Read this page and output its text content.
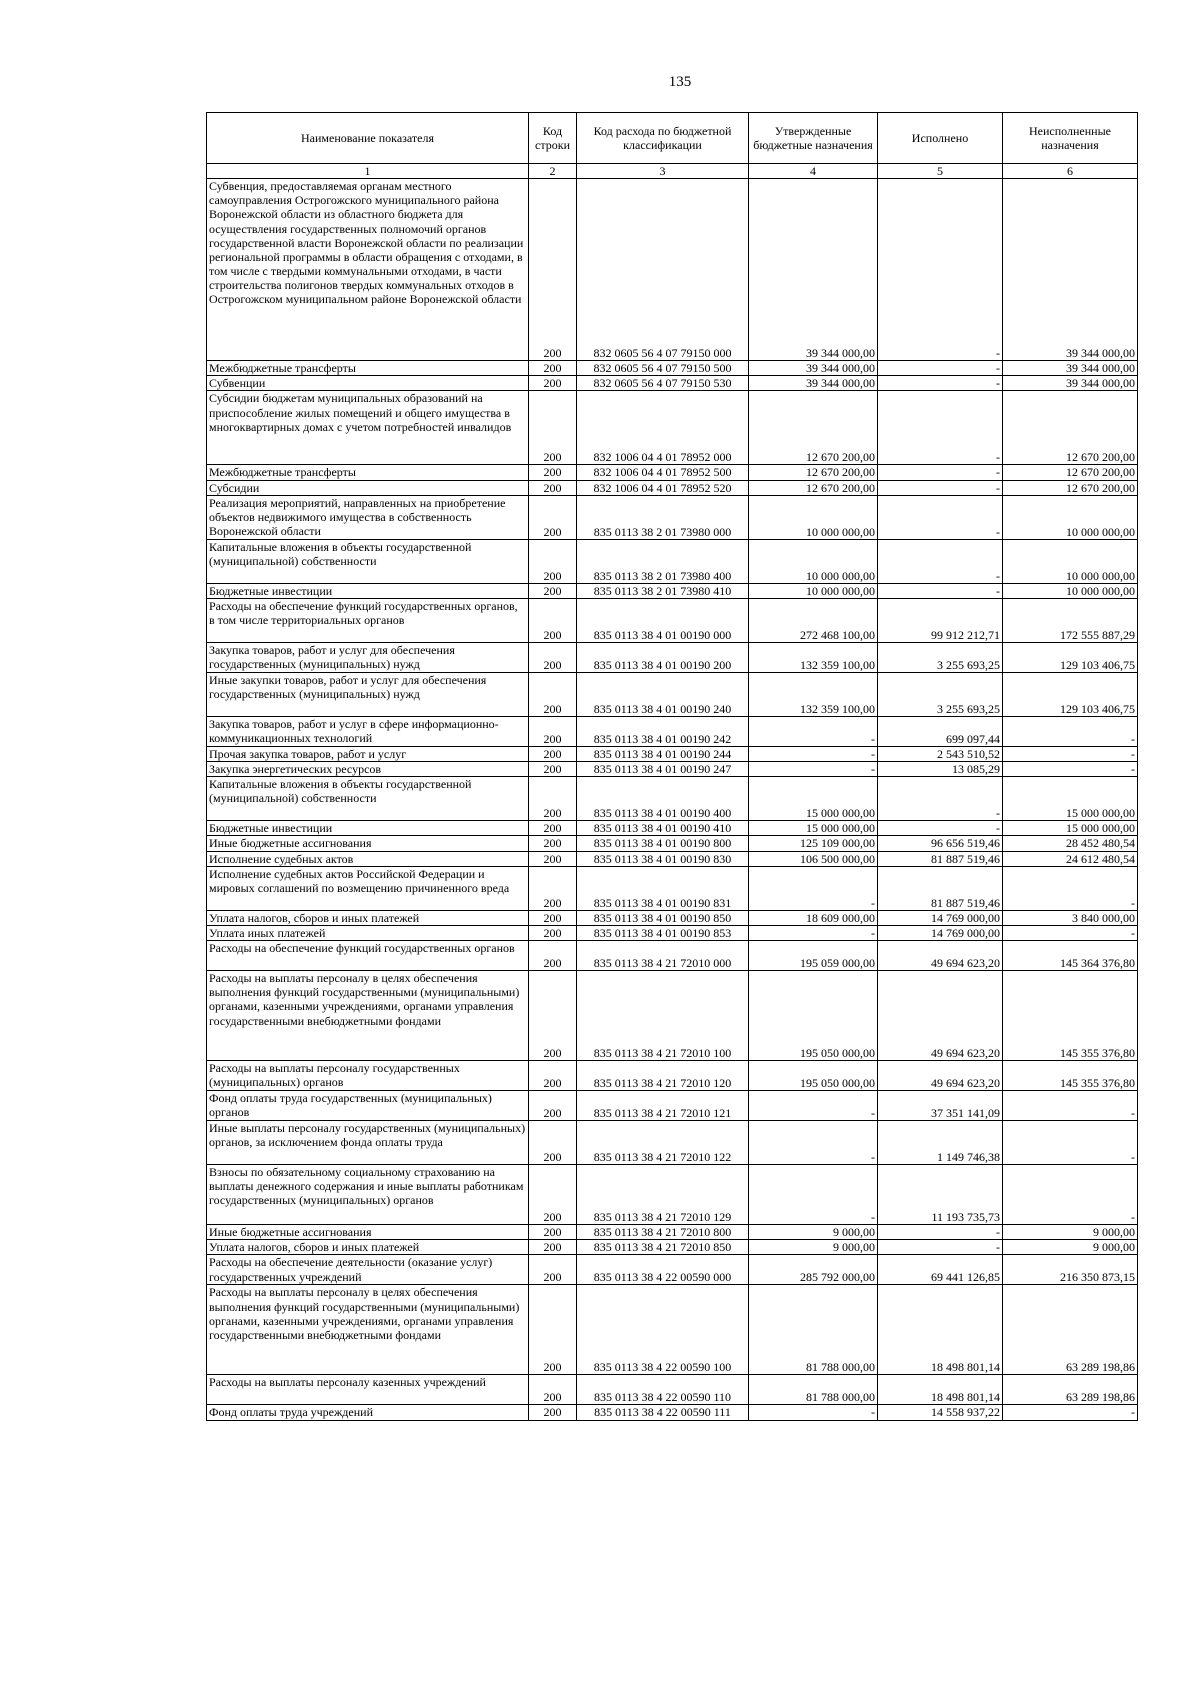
135
Наименование показателя	Код строки	Код расхода по бюджетной классификации	Утвержденные бюджетные назначения	Исполнено	Неисполненные назначения
1	2	3	4	5	6
Субвенция, предоставляемая органам местного самоуправления Острогожского муниципального района Воронежской области из областного бюджета для осуществления государственных полномочий органов государственной власти Воронежской области по реализации региональной программы в области обращения с отходами, в том числе с твердыми коммунальными отходами, в части строительства полигонов твердых коммунальных отходов в Острогожском муниципальном районе Воронежской области	200	832 0605 56 4 07 79150 000	39 344 000,00	-	39 344 000,00
Межбюджетные трансферты	200	832 0605 56 4 07 79150 500	39 344 000,00	-	39 344 000,00
Субвенции	200	832 0605 56 4 07 79150 530	39 344 000,00	-	39 344 000,00
Субсидии бюджетам муниципальных образований на приспособление жилых помещений и общего имущества в многоквартирных домах с учетом потребностей инвалидов	200	832 1006 04 4 01 78952 000	12 670 200,00	-	12 670 200,00
Межбюджетные трансферты	200	832 1006 04 4 01 78952 500	12 670 200,00	-	12 670 200,00
Субсидии	200	832 1006 04 4 01 78952 520	12 670 200,00	-	12 670 200,00
Реализация мероприятий, направленных на приобретение объектов недвижимого имущества в собственность Воронежской области	200	835 0113 38 2 01 73980 000	10 000 000,00	-	10 000 000,00
Капитальные вложения в объекты государственной (муниципальной) собственности	200	835 0113 38 2 01 73980 400	10 000 000,00	-	10 000 000,00
Бюджетные инвестиции	200	835 0113 38 2 01 73980 410	10 000 000,00	-	10 000 000,00
Расходы на обеспечение функций государственных органов, в том числе территориальных органов	200	835 0113 38 4 01 00190 000	272 468 100,00	99 912 212,71	172 555 887,29
Закупка товаров, работ и услуг для обеспечения государственных (муниципальных) нужд	200	835 0113 38 4 01 00190 200	132 359 100,00	3 255 693,25	129 103 406,75
Иные закупки товаров, работ и услуг для обеспечения государственных (муниципальных) нужд	200	835 0113 38 4 01 00190 240	132 359 100,00	3 255 693,25	129 103 406,75
Закупка товаров, работ и услуг в сфере информационно-коммуникационных технологий	200	835 0113 38 4 01 00190 242	-	699 097,44	-
Прочая закупка товаров, работ и услуг	200	835 0113 38 4 01 00190 244	-	2 543 510,52	-
Закупка энергетических ресурсов	200	835 0113 38 4 01 00190 247	-	13 085,29	-
Капитальные вложения в объекты государственной (муниципальной) собственности	200	835 0113 38 4 01 00190 400	15 000 000,00	-	15 000 000,00
Бюджетные инвестиции	200	835 0113 38 4 01 00190 410	15 000 000,00	-	15 000 000,00
Иные бюджетные ассигнования	200	835 0113 38 4 01 00190 800	125 109 000,00	96 656 519,46	28 452 480,54
Исполнение судебных актов	200	835 0113 38 4 01 00190 830	106 500 000,00	81 887 519,46	24 612 480,54
Исполнение судебных актов Российской Федерации и мировых соглашений по возмещению причиненного вреда	200	835 0113 38 4 01 00190 831	-	81 887 519,46	-
Уплата налогов, сборов и иных платежей	200	835 0113 38 4 01 00190 850	18 609 000,00	14 769 000,00	3 840 000,00
Уплата иных платежей	200	835 0113 38 4 01 00190 853	-	14 769 000,00	-
Расходы на обеспечение функций государственных органов	200	835 0113 38 4 21 72010 000	195 059 000,00	49 694 623,20	145 364 376,80
Расходы на выплаты персоналу в целях обеспечения выполнения функций государственными (муниципальными) органами, казенными учреждениями, органами управления государственными внебюджетными фондами	200	835 0113 38 4 21 72010 100	195 050 000,00	49 694 623,20	145 355 376,80
Расходы на выплаты персоналу государственных (муниципальных) органов	200	835 0113 38 4 21 72010 120	195 050 000,00	49 694 623,20	145 355 376,80
Фонд оплаты труда государственных (муниципальных) органов	200	835 0113 38 4 21 72010 121	-	37 351 141,09	-
Иные выплаты персоналу государственных (муниципальных) органов, за исключением фонда оплаты труда	200	835 0113 38 4 21 72010 122	-	1 149 746,38	-
Взносы по обязательному социальному страхованию на выплаты денежного содержания и иные выплаты работникам государственных (муниципальных) органов	200	835 0113 38 4 21 72010 129	-	11 193 735,73	-
Иные бюджетные ассигнования	200	835 0113 38 4 21 72010 800	9 000,00	-	9 000,00
Уплата налогов, сборов и иных платежей	200	835 0113 38 4 21 72010 850	9 000,00	-	9 000,00
Расходы на обеспечение деятельности (оказание услуг) государственных учреждений	200	835 0113 38 4 22 00590 000	285 792 000,00	69 441 126,85	216 350 873,15
Расходы на выплаты персоналу в целях обеспечения выполнения функций государственными (муниципальными) органами, казенными учреждениями, органами управления государственными внебюджетными фондами	200	835 0113 38 4 22 00590 100	81 788 000,00	18 498 801,14	63 289 198,86
Расходы на выплаты персоналу казенных учреждений	200	835 0113 38 4 22 00590 110	81 788 000,00	18 498 801,14	63 289 198,86
Фонд оплаты труда учреждений	200	835 0113 38 4 22 00590 111	-	14 558 937,22	-
